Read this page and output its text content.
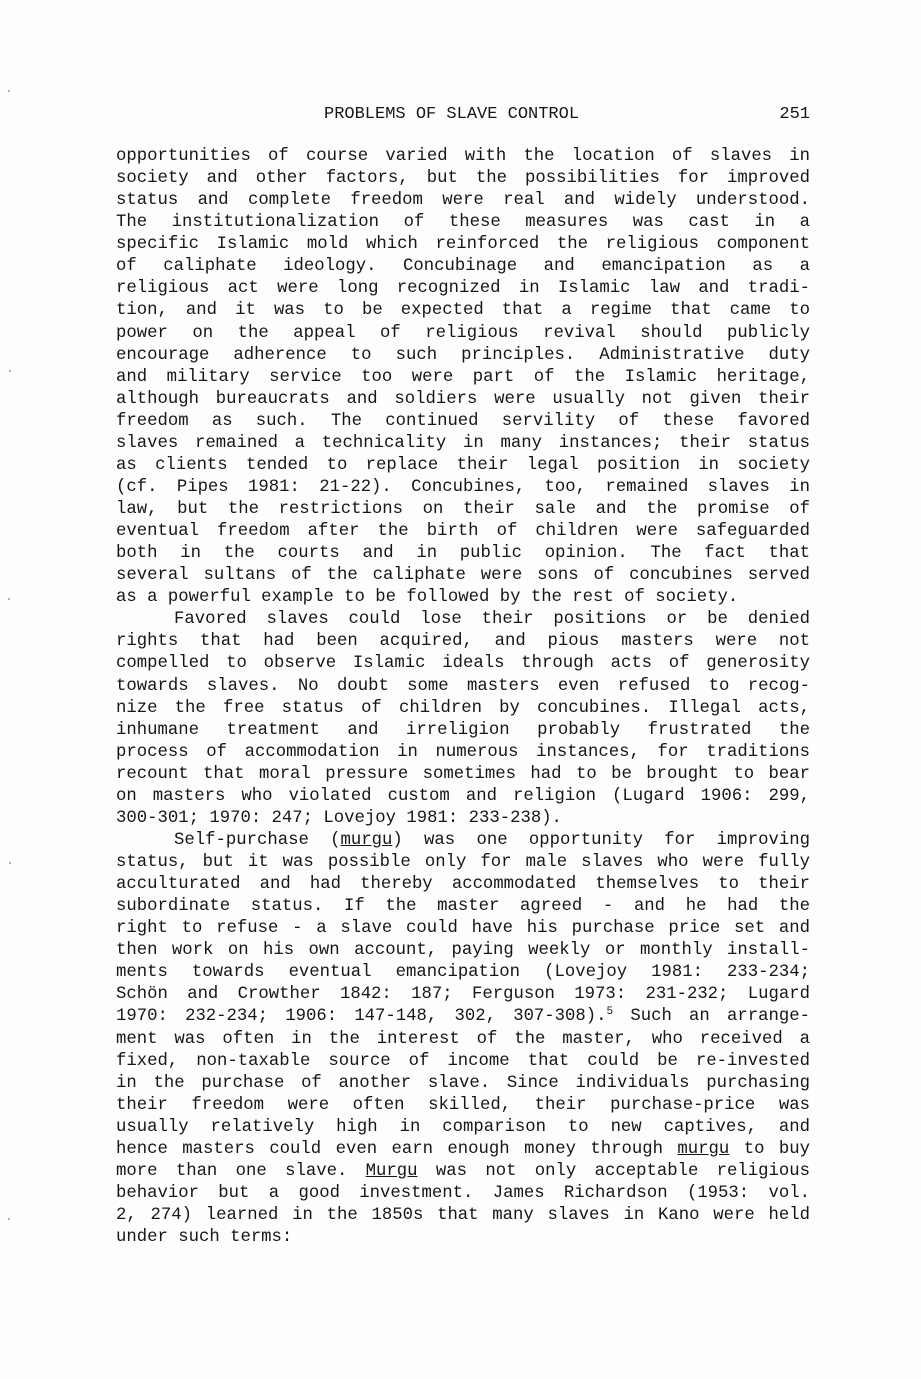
PROBLEMS OF SLAVE CONTROL	251
opportunities of course varied with the location of slaves in
society and other factors, but the possibilities for improved
status and complete freedom were real and widely understood.
The institutionalization of these measures was cast in a
specific Islamic mold which reinforced the religious component
of caliphate ideology. Concubinage and emancipation as a
religious act were long recognized in Islamic law and tradi-
tion, and it was to be expected that a regime that came to
power on the appeal of religious revival should publicly
encourage adherence to such principles. Administrative duty
and military service too were part of the Islamic heritage,
although bureaucrats and soldiers were usually not given their
freedom as such. The continued servility of these favored
slaves remained a technicality in many instances; their status
as clients tended to replace their legal position in society
(cf. Pipes 1981: 21-22). Concubines, too, remained slaves in
law, but the restrictions on their sale and the promise of
eventual freedom after the birth of children were safeguarded
both in the courts and in public opinion. The fact that
several sultans of the caliphate were sons of concubines served
as a powerful example to be followed by the rest of society.
Favored slaves could lose their positions or be denied
rights that had been acquired, and pious masters were not
compelled to observe Islamic ideals through acts of generosity
towards slaves. No doubt some masters even refused to recog-
nize the free status of children by concubines. Illegal acts,
inhumane treatment and irreligion probably frustrated the
process of accommodation in numerous instances, for traditions
recount that moral pressure sometimes had to be brought to bear
on masters who violated custom and religion (Lugard 1906: 299,
300-301; 1970: 247; Lovejoy 1981: 233-238).
Self-purchase (murgu) was one opportunity for improving
status, but it was possible only for male slaves who were fully
acculturated and had thereby accommodated themselves to their
subordinate status. If the master agreed - and he had the
right to refuse - a slave could have his purchase price set and
then work on his own account, paying weekly or monthly install-
ments towards eventual emancipation (Lovejoy 1981: 233-234;
Schön and Crowther 1842: 187; Ferguson 1973: 231-232; Lugard
1970: 232-234; 1906: 147-148, 302, 307-308).$^5$ Such an arrange-
ment was often in the interest of the master, who received a
fixed, non-taxable source of income that could be re-invested
in the purchase of another slave. Since individuals purchasing
their freedom were often skilled, their purchase-price was
usually relatively high in comparison to new captives, and
hence masters could even earn enough money through murgu to buy
more than one slave. Murgu was not only acceptable religious
behavior but a good investment. James Richardson (1953: vol.
2, 274) learned in the 1850s that many slaves in Kano were held
under such terms:
